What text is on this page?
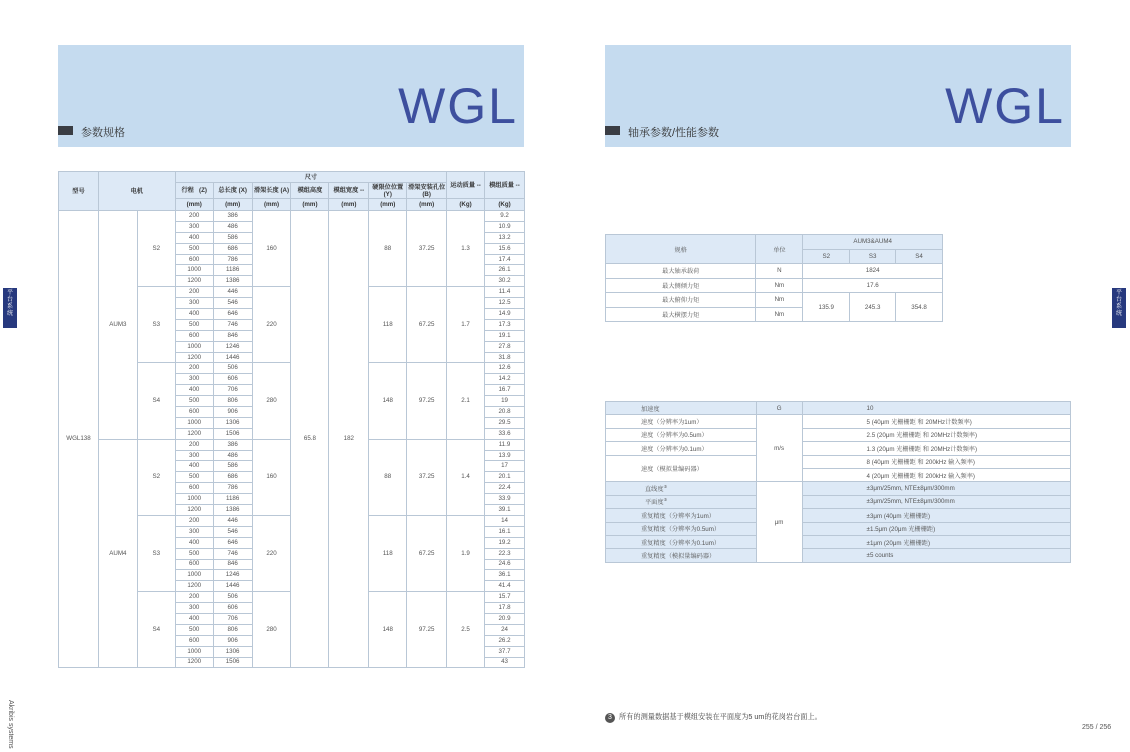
WGL
参数规格	WGL
轴承参数/性能参数
型号	电机		尺寸							运动质量 --	模组质量 --
			行程 (Z)	总长度 (X)	滑架长度 (A)	模组高度	模组宽度 --	硬限位位置 (Y)	滑架安装孔位 (B)		
			(mm)	(mm)	(mm)	(mm)	(mm)	(mm)	(mm)	(Kg)	(Kg)
WGL138	AUM3	S2	200	386	160	65.8	182	88	37.25	1.3	9.2
			300	486							10.9
			400	586							13.2
			500	686							15.6
			600	786							17.4
			1000	1186							26.1
			1200	1386							30.2
		S3	200	446	220			118	67.25	1.7	11.4
			300	546							12.5
			400	646							14.9
			500	746							17.3
			600	846							19.1
			1000	1246							27.8
			1200	1446							31.8
		S4	200	506	280			148	97.25	2.1	12.6
			300	606							14.2
			400	706							16.7
			500	806							19
			600	906							20.8
			1000	1306							29.5
			1200	1506							33.6
	AUM4	S2	200	386	160			88	37.25	1.4	11.9
			300	486							13.9
			400	586							17
			500	686							20.1
			600	786							22.4
			1000	1186							33.9
			1200	1386							39.1
		S3	200	446	220			118	67.25	1.9	14
			300	546							16.1
			400	646							19.2
			500	746							22.3
			600	846							24.6
			1000	1246							36.1
			1200	1446							41.4
		S4	200	506	280			148	97.25	2.5	15.7
			300	606							17.8
			400	706							20.9
			500	806							24
			600	906							26.2
			1000	1306							37.7
			1200	1506							43
规格	单位	AUM3&AUM4		
		S2	S3	S4
最大轴承载荷	N	1824		
最大侧倾力矩	Nm	17.6		
最大俯仰力矩	Nm	135.9	245.3	354.8
最大横摆力矩	Nm			
加速度	G	10
速度（分辨率为1um）	m/s	5 (40μm 光栅栅距 和 20MHz计数频率)
速度（分辨率为0.5um）		2.5 (20μm 光栅栅距 和 20MHz计数频率)
速度（分辨率为0.1um）		1.3 (20μm 光栅栅距 和 20MHz计数频率)
速度（模拟量编码器）		8 (40μm 光栅栅距 和 200kHz 输入频率)
		4 (20μm 光栅栅距 和 200kHz 输入频率)
直线度③	μm	±3μm/25mm, NTE±8μm/300mm
平面度③		±3μm/25mm, NTE±8μm/300mm
重复精度（分辨率为1um）		±3μm (40μm 光栅栅距)
重复精度（分辨率为0.5um）		±1.5μm (20μm 光栅栅距)
重复精度（分辨率为0.1um）		±1μm (20μm 光栅栅距)
重复精度（模拟量编码器）		±5 counts
平台系统
平台系统
Akribis systems	3 所有的测量数据基于模组安装在平面度为5 um的花岗岩台面上。
255 / 256
